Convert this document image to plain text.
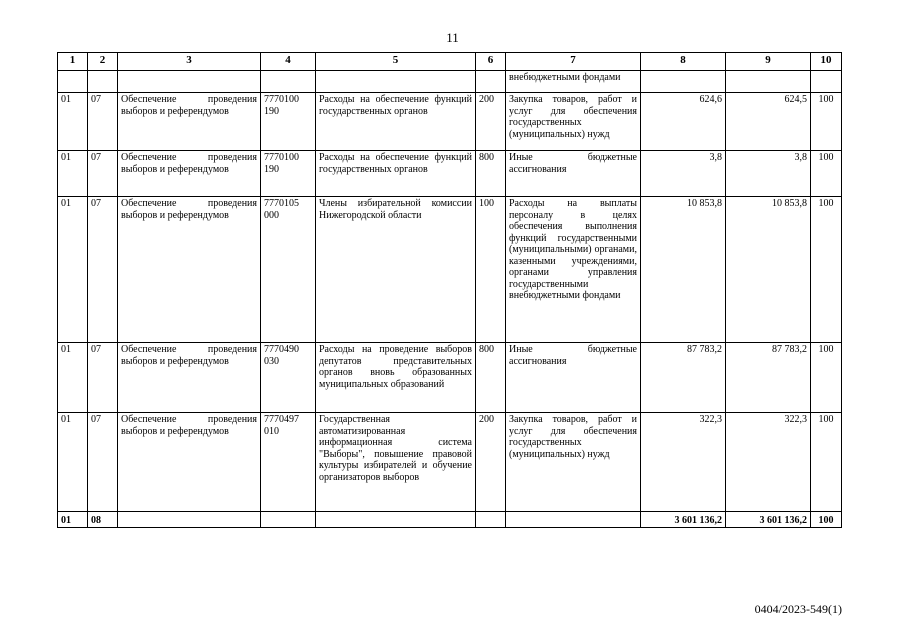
11
1	2	3	4	5	6	7	8	9	10
						внебюджетными фондами			
01	07	Обеспечение проведения выборов и референдумов	7770100 190	Расходы на обеспечение функций государственных органов	200	Закупка товаров, работ и услуг для обеспечения государственных (муниципальных) нужд	624,6	624,5	100
01	07	Обеспечение проведения выборов и референдумов	7770100 190	Расходы на обеспечение функций государственных органов	800	Иные бюджетные ассигнования	3,8	3,8	100
01	07	Обеспечение проведения выборов и референдумов	7770105 000	Члены избирательной комиссии Нижегородской области	100	Расходы на выплаты персоналу в целях обеспечения выполнения функций государственными (муниципальными) органами, казенными учреждениями, органами управления государственными внебюджетными фондами	10 853,8	10 853,8	100
01	07	Обеспечение проведения выборов и референдумов	7770490 030	Расходы на проведение выборов депутатов представительных органов вновь образованных муниципальных образований	800	Иные бюджетные ассигнования	87 783,2	87 783,2	100
01	07	Обеспечение проведения выборов и референдумов	7770497 010	Государственная автоматизированная информационная система "Выборы", повышение правовой культуры избирателей и обучение организаторов выборов	200	Закупка товаров, работ и услуг для обеспечения государственных (муниципальных) нужд	322,3	322,3	100
01	08						3 601 136,2	3 601 136,2	100
0404/2023-549(1)
